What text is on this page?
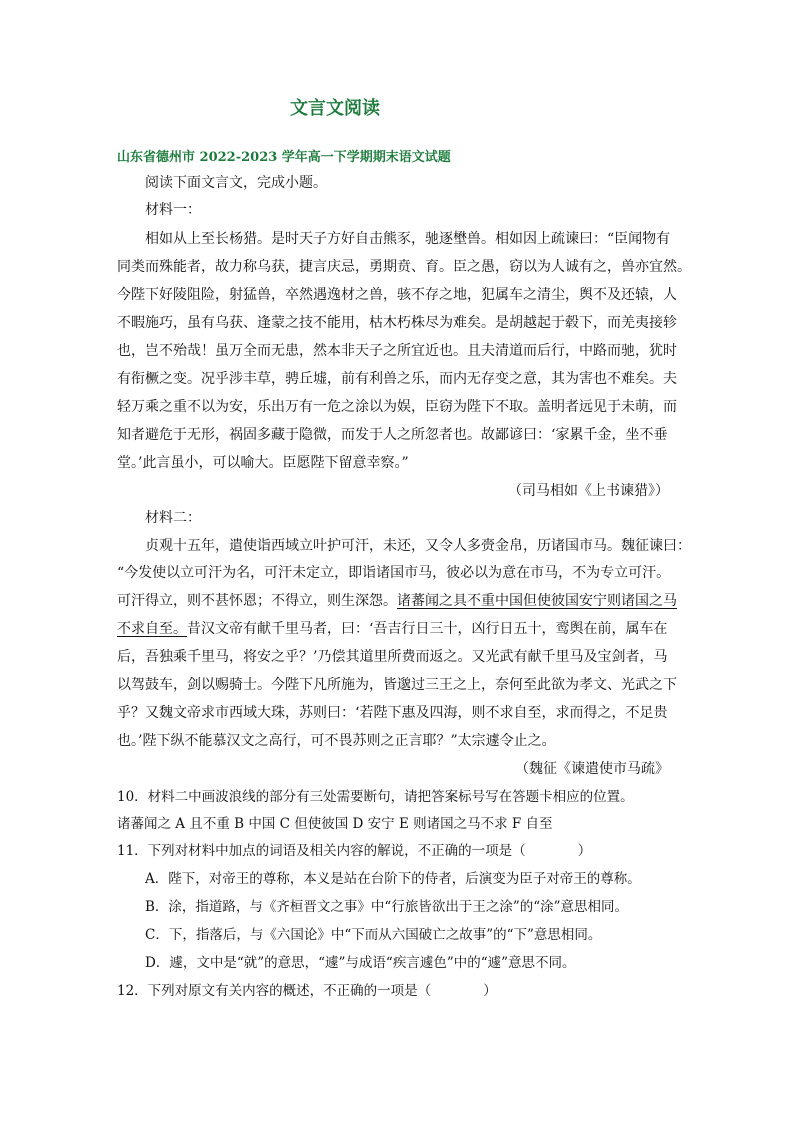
文言文阅读
山东省德州市 2022-2023 学年高一下学期期末语文试题
阅读下面文言文，完成小题。
材料一：
相如从上至长杨猎。是时天子方好自击熊豕，驰逐壄兽。相如因上疏谏曰：“臣闻物有
同类而殊能者，故力称乌获，捷言庆忌，勇期贲、育。臣之愚，窃以为人诚有之，兽亦宜然。
今陛下好陵阻险，射猛兽，卒然遇逸材之兽，骇不存之地，犯属车之清尘，舆不及还辕，人
不暇施巧，虽有乌获、逢蒙之技不能用，枯木朽株尽为难矣。是胡越起于毂下，而羌夷接轸
也，岂不殆哉！虽万全而无患，然本非天子之所宜近也。且夫清道而后行，中路而驰，犹时
有衔橛之变。况乎涉丰草，骋丘墟，前有利兽之乐，而内无存变之意，其为害也不难矣。夫
轻万乘之重不以为安，乐出万有一危之涂以为娱，臣窃为陛下不取。盖明者远见于未萌，而
知者避危于无形，祸固多藏于隐微，而发于人之所忽者也。故鄙谚曰：‘家累千金，坐不垂
堂。’此言虽小，可以喻大。臣愿陛下留意幸察。”
（司马相如《上书谏猎》）
材料二：
贞观十五年，遣使诣西域立叶护可汗，未还，又令人多赍金帛，历诸国市马。魏征谏曰：
“今发使以立可汗为名，可汗未定立，即诣诸国市马，彼必以为意在市马，不为专立可汗。
可汗得立，则不甚怀恩；不得立，则生深怨。诸蕃闻之具不重中国但使彼国安宁则诸国之马
不求自至。昔汉文帝有献千里马者，曰：‘吾吉行日三十，凶行日五十，鸾舆在前，属车在
后，吾独乘千里马，将安之乎？’乃偿其道里所费而返之。又光武有献千里马及宝剑者，马
以驾鼓车，剑以赐骑士。今陛下凡所施为，皆邈过三王之上，奈何至此欲为孝文、光武之下
乎？又魏文帝求市西域大珠，苏则曰：‘若陛下惠及四海，则不求自至，求而得之，不足贵
也。’陛下纵不能慕汉文之高行，可不畏苏则之正言耶？”太宗遽令止之。
（魏征《谏遣使市马疏》
10．材料二中画波浪线的部分有三处需要断句，请把答案标号写在答题卡相应的位置。
诸蕃闻之 A 且不重 B 中国 C 但使彼国 D 安宁 E 则诸国之马不求 F 自至
11．下列对材料中加点的词语及相关内容的解说，不正确的一项是（	）
A．陛下，对帝王的尊称，本义是站在台阶下的侍者，后演变为臣子对帝王的尊称。
B．涂，指道路，与《齐桓晋文之事》中“行旅皆欲出于王之涂”的“涂”意思相同。
C．下，指落后，与《六国论》中“下而从六国破亡之故事”的“下”意思相同。
D．遽，文中是“就”的意思，“遽”与成语“疾言遽色”中的“遽”意思不同。
12．下列对原文有关内容的概述，不正确的一项是（	）
